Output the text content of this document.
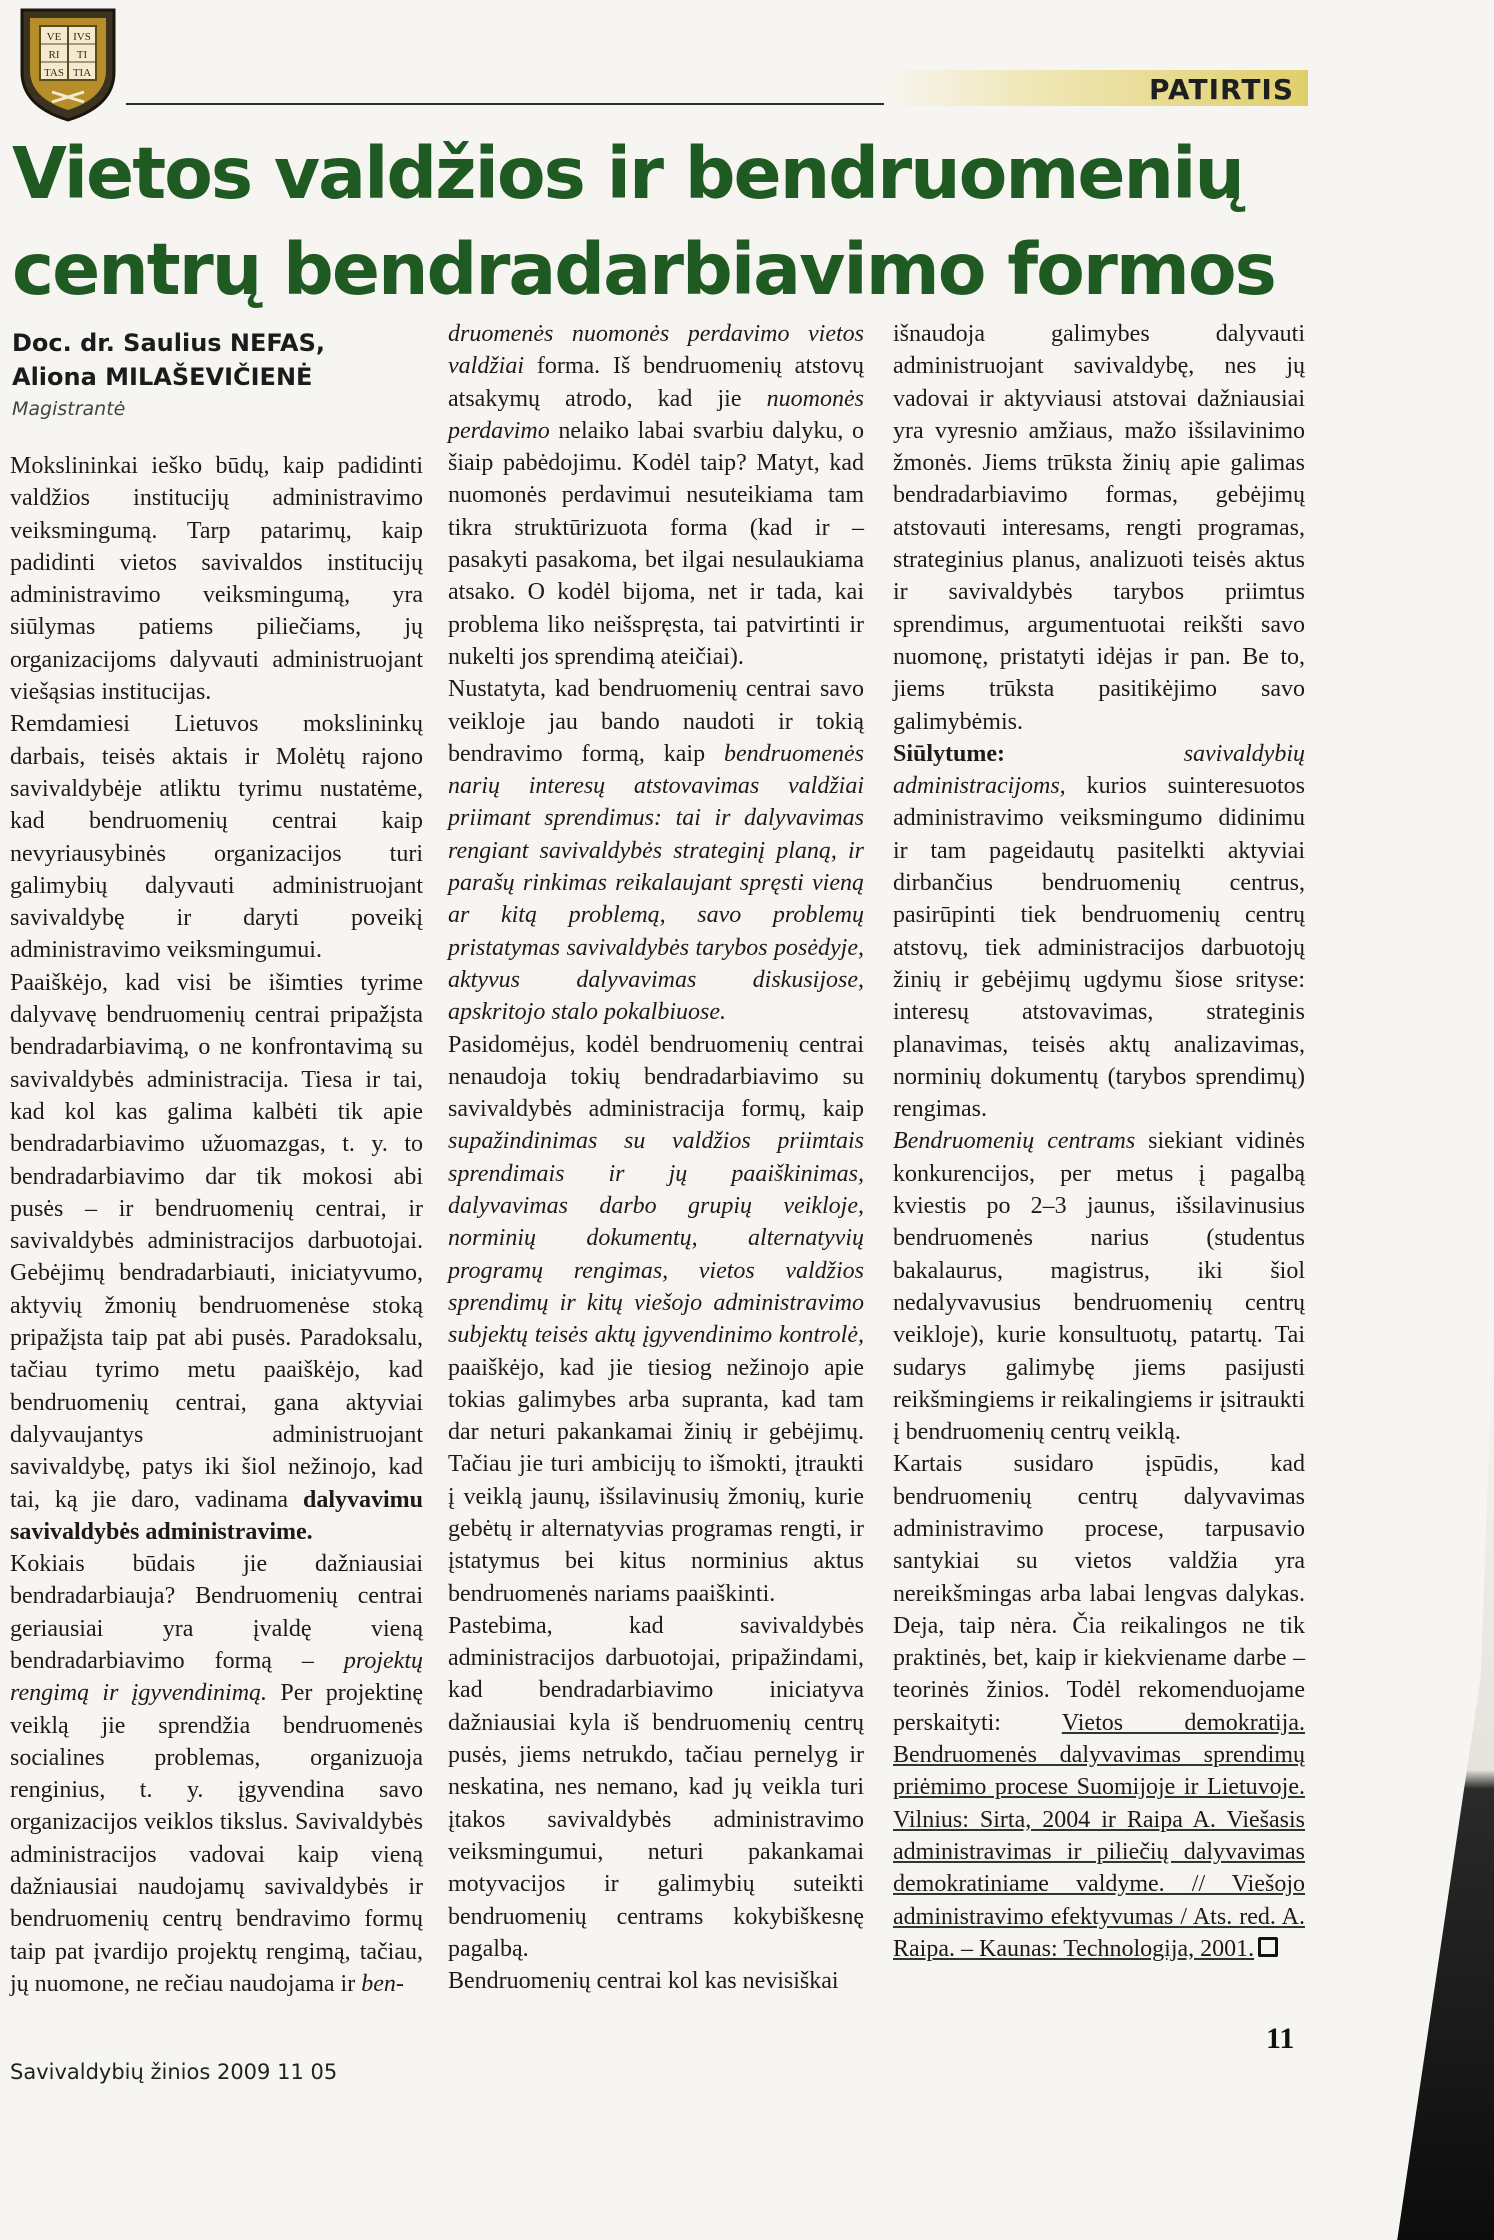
VE IVS
RI TI
TAS TIA	PATIRTIS
Vietos valdžios ir bendruomenių centrų bendradarbiavimo formos
Doc. dr. Saulius NEFAS,
Aliona MILAŠEVIČIENĖ
Magistrantė

Mokslininkai ieško būdų, kaip padidinti valdžios institucijų administravimo veiksmingumą. Tarp patarimų, kaip padidinti vietos savivaldos institucijų administravimo veiksmingumą, yra siūlymas patiems piliečiams, jų organizacijoms dalyvauti administruojant viešąsias institucijas.

Remdamiesi Lietuvos mokslininkų darbais, teisės aktais ir Molėtų rajono savivaldybėje atliktu tyrimu nustatėme, kad bendruomenių centrai kaip nevyriausybinės organizacijos turi galimybių dalyvauti administruojant savivaldybę ir daryti poveikį administravimo veiksmingumui.

Paaiškėjo, kad visi be išimties tyrime dalyvavę bendruomenių centrai pripažįsta bendradarbiavimą, o ne konfrontavimą su savivaldybės administracija. Tiesa ir tai, kad kol kas galima kalbėti tik apie bendradarbiavimo užuomazgas, t. y. to bendradarbiavimo dar tik mokosi abi pusės – ir bendruomenių centrai, ir savivaldybės administracijos darbuotojai. Gebėjimų bendradarbiauti, iniciatyvumo, aktyvių žmonių bendruomenėse stoką pripažįsta taip pat abi pusės. Paradoksalu, tačiau tyrimo metu paaiškėjo, kad bendruomenių centrai, gana aktyviai dalyvaujantys administruojant savivaldybę, patys iki šiol nežinojo, kad tai, ką jie daro, vadinama dalyvavimu savivaldybės administravime.

Kokiais būdais jie dažniausiai bendradarbiauja? Bendruomenių centrai geriausiai yra įvaldę vieną bendradarbiavimo formą – projektų rengimą ir įgyvendinimą. Per projektinę veiklą jie sprendžia bendruomenės socialines problemas, organizuoja renginius, t. y. įgyvendina savo organizacijos veiklos tikslus. Savivaldybės administracijos vadovai kaip vieną dažniausiai naudojamų savivaldybės ir bendruomenių centrų bendravimo formų taip pat įvardijo projektų rengimą, tačiau, jų nuomone, ne rečiau naudojama ir ben-

druomenės nuomonės perdavimo vietos valdžiai forma. Iš bendruomenių atstovų atsakymų atrodo, kad jie nuomonės perdavimo nelaiko labai svarbiu dalyku, o šiaip pabėdojimu. Kodėl taip? Matyt, kad nuomonės perdavimui nesuteikiama tam tikra struktūrizuota forma (kad ir – pasakyti pasakoma, bet ilgai nesulaukiama atsako. O kodėl bijoma, net ir tada, kai problema liko neišspręsta, tai patvirtinti ir nukelti jos sprendimą ateičiai).

Nustatyta, kad bendruomenių centrai savo veikloje jau bando naudoti ir tokią bendravimo formą, kaip bendruomenės narių interesų atstovavimas valdžiai priimant sprendimus: tai ir dalyvavimas rengiant savivaldybės strateginį planą, ir parašų rinkimas reikalaujant spręsti vieną ar kitą problemą, savo problemų pristatymas savivaldybės tarybos posėdyje, aktyvus dalyvavimas diskusijose, apskritojo stalo pokalbiuose.

Pasidomėjus, kodėl bendruomenių centrai nenaudoja tokių bendradarbiavimo su savivaldybės administracija formų, kaip supažindinimas su valdžios priimtais sprendimais ir jų paaiškinimas, dalyvavimas darbo grupių veikloje, norminių dokumentų, alternatyvių programų rengimas, vietos valdžios sprendimų ir kitų viešojo administravimo subjektų teisės aktų įgyvendinimo kontrolė, paaiškėjo, kad jie tiesiog nežinojo apie tokias galimybes arba supranta, kad tam dar neturi pakankamai žinių ir gebėjimų. Tačiau jie turi ambicijų to išmokti, įtraukti į veiklą jaunų, išsilavinusių žmonių, kurie gebėtų ir alternatyvias programas rengti, ir įstatymus bei kitus norminius aktus bendruomenės nariams paaiškinti.

Pastebima, kad savivaldybės administracijos darbuotojai, pripažindami, kad bendradarbiavimo iniciatyva dažniausiai kyla iš bendruomenių centrų pusės, jiems netrukdo, tačiau pernelyg ir neskatina, nes nemano, kad jų veikla turi įtakos savivaldybės administravimo veiksmingumui, neturi pakankamai motyvacijos ir galimybių suteikti bendruomenių centrams kokybiškesnę pagalbą.

Bendruomenių centrai kol kas nevisiškai

išnaudoja galimybes dalyvauti administruojant savivaldybę, nes jų vadovai ir aktyviausi atstovai dažniausiai yra vyresnio amžiaus, mažo išsilavinimo žmonės. Jiems trūksta žinių apie galimas bendradarbiavimo formas, gebėjimų atstovauti interesams, rengti programas, strateginius planus, analizuoti teisės aktus ir savivaldybės tarybos priimtus sprendimus, argumentuotai reikšti savo nuomonę, pristatyti idėjas ir pan. Be to, jiems trūksta pasitikėjimo savo galimybėmis.

Siūlytume: savivaldybių administracijoms, kurios suinteresuotos administravimo veiksmingumo didinimu ir tam pageidautų pasitelkti aktyviai dirbančius bendruomenių centrus, pasirūpinti tiek bendruomenių centrų atstovų, tiek administracijos darbuotojų žinių ir gebėjimų ugdymu šiose srityse: interesų atstovavimas, strateginis planavimas, teisės aktų analizavimas, norminių dokumentų (tarybos sprendimų) rengimas.

Bendruomenių centrams siekiant vidinės konkurencijos, per metus į pagalbą kviestis po 2–3 jaunus, išsilavinusius bendruomenės narius (studentus bakalaurus, magistrus, iki šiol nedalyvavusius bendruomenių centrų veikloje), kurie konsultuotų, patartų. Tai sudarys galimybę jiems pasijusti reikšmingiems ir reikalingiems ir įsitraukti į bendruomenių centrų veiklą.

Kartais susidaro įspūdis, kad bendruomenių centrų dalyvavimas administravimo procese, tarpusavio santykiai su vietos valdžia yra nereikšmingas arba labai lengvas dalykas. Deja, taip nėra. Čia reikalingos ne tik praktinės, bet, kaip ir kiekviename darbe – teorinės žinios. Todėl rekomenduojame perskaityti: Vietos demokratija. Bendruomenės dalyvavimas sprendimų priėmimo procese Suomijoje ir Lietuvoje. Vilnius: Sirta, 2004 ir Raipa A. Viešasis administravimas ir piliečių dalyvavimas demokratiniame valdyme. // Viešojo administravimo efektyvumas / Ats. red. A. Raipa. – Kaunas: Technologija, 2001.

Savivaldybių žinios 2009 11 05
11
